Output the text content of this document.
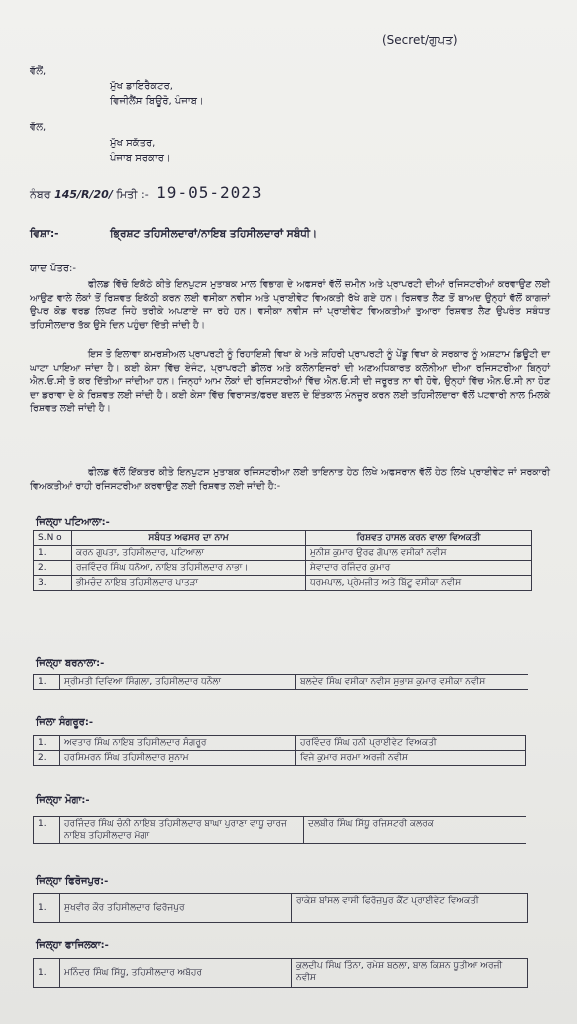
(Secret/ਗੁਪਤ)
ਵੱਲੋਂ,
ਮੁੱਖ ਡਾਇਰੈਕਟਰ,
ਵਿਜੀਲੈਂਸ ਬਿਊਰੋ, ਪੰਜਾਬ।
ਵੱਲ,
ਮੁੱਖ ਸਕੱਤਰ,
ਪੰਜਾਬ ਸਰਕਾਰ।
ਨੰਬਰ 145/R/20/ ਮਿਤੀ :- 19-05-2023
ਵਿਸ਼ਾ:-	ਭ੍ਰਿਸ਼ਟ ਤਹਿਸੀਲਦਾਰਾਂ/ਨਾਇਬ ਤਹਿਸੀਲਦਾਰਾਂ ਸਬੰਧੀ।
ਯਾਦ ਪੱਤਰ:-
ਫੀਲਡ ਵਿੱਚੋ ਇਕੱਠੇ ਕੀਤੇ ਇਨਪੁਟਸ ਮੁਤਾਬਕ ਮਾਲ ਵਿਭਾਗ ਦੇ ਅਫਸਰਾਂ ਵੱਲੋਂ ਜ਼ਮੀਨ ਅਤੇ ਪ੍ਰਾਪਰਟੀ ਦੀਆਂ ਰਜਿਸਟਰੀਆਂ ਕਰਵਾਉਣ ਲਈ ਆਉਣ ਵਾਲੇ ਲੋਕਾਂ ਤੋਂ ਰਿਸ਼ਵਤ ਇਕੱਠੀ ਕਰਨ ਲਈ ਵਸੀਕਾ ਨਵੀਸ ਅਤੇ ਪ੍ਰਾਈਵੇਟ ਵਿਅਕਤੀ ਰੱਖੇ ਗਏ ਹਨ। ਰਿਸ਼ਵਤ ਲੈਣ ਤੋਂ ਬਾਅਦ ਉਨ੍ਹਾਂ ਵੱਲੋਂ ਕਾਗਜ਼ਾਂ ਉਪਰ ਕੋਡ ਵਰਡ ਲਿਖਣ ਜਿਹੇ ਤਰੀਕੇ ਅਪਣਾਏ ਜਾ ਰਹੇ ਹਨ। ਵਸੀਕਾ ਨਵੀਸ ਜਾਂ ਪ੍ਰਾਈਵੇਟ ਵਿਅਕਤੀਆਂ ਤੁਆਰਾ ਰਿਸ਼ਵਤ ਲੈਣ ਉਪਰੰਤ ਸਬੰਧਤ ਤਹਿਸੀਲਦਾਰ ਤੱਕ ਉਸੇ ਦਿਨ ਪਹੁੰਚਾ ਦਿੱਤੀ ਜਾਂਦੀ ਹੈ।
ਇਸ ਤੋ ਇਲਾਵਾ ਕਮਰਸ਼ੀਅਲ ਪ੍ਰਾਪਰਟੀ ਨੂੰ ਰਿਹਾਇਸ਼ੀ ਵਿਖਾ ਕੇ ਅਤੇ ਸ਼ਹਿਰੀ ਪ੍ਰਾਪਰਟੀ ਨੂੰ ਪੇਂਡੂ ਵਿਖਾ ਕੇ ਸਰਕਾਰ ਨੂੰ ਅਸ਼ਟਾਮ ਡਿਊਟੀ ਦਾ ਘਾਟਾ ਪਾਇਆ ਜਾਂਦਾ ਹੈ। ਕਈ ਕੇਸਾ ਵਿੱਚ ਏਜੰਟ, ਪ੍ਰਾਪਰਟੀ ਡੀਲਰ ਅਤੇ ਕਲੋਨਾਇਜਰਾਂ ਦੀ ਅਣਅਧਿਕਾਰਤ ਕਲੋਨੀਆ ਦੀਆ ਰਜਿਸਟਰੀਆ ਬਿਨ੍ਹਾਂ ਐਨ.ਓ.ਸੀ ਤੋ ਕਰ ਦਿੱਤੀਆ ਜਾਂਦੀਆ ਹਨ। ਜਿਨ੍ਹਾਂ ਆਮ ਲੋਕਾਂ ਦੀ ਰਜਿਸਟਰੀਆਂ ਵਿੱਚ ਐਨ.ਓ.ਸੀ ਦੀ ਜਰੂਰਤ ਨਾ ਵੀ ਹੋਵੇ, ਉਨ੍ਹਾਂ ਵਿੱਚ ਐਨ.ਓ.ਸੀ ਨਾ ਹੋਣ ਦਾ ਡਰਾਵਾ ਦੇ ਕੇ ਰਿਸ਼ਵਤ ਲਈ ਜਾਂਦੀ ਹੈ। ਕਈ ਕੇਸਾ ਵਿੱਚ ਵਿਰਾਸਤ/ਫਰਦ ਬਦਲ ਦੇ ਇੰਤਕਾਲ ਮੰਨਜੂਰ ਕਰਨ ਲਈ ਤਹਿਸੀਲਦਾਰਾ ਵੱਲੋਂ ਪਟਵਾਰੀ ਨਾਲ ਮਿਲਕੇ ਰਿਸ਼ਵਤ ਲਈ ਜਾਂਦੀ ਹੈ।
ਫੀਲਡ ਵੱਲੋਂ ਇੱਕਤਰ ਕੀਤੇ ਇਨਪੁਟਸ ਮੁਤਾਬਕ ਰਜਿਸਟਰੀਆ ਲਈ ਤਾਇਨਾਤ ਹੇਠ ਲਿਖੇ ਅਫਸਰਾਨ ਵੱਲੋਂ ਹੇਠ ਲਿਖੇ ਪ੍ਰਾਈਵੇਟ ਜਾਂ ਸਰਕਾਰੀ ਵਿਅਕਤੀਆਂ ਰਾਹੀ ਰਜਿਸਟਰੀਆ ਕਰਵਾਉਣ ਲਈ ਰਿਸ਼ਵਤ ਲਈ ਜਾਂਦੀ ਹੈ:-
ਜਿਲ੍ਹਾ ਪਟਿਆਲਾ:-
S.N o	ਸਬੰਧਤ ਅਫਸਰ ਦਾ ਨਾਮ	ਰਿਸ਼ਵਤ ਹਾਸਲ ਕਰਨ ਵਾਲਾ ਵਿਅਕਤੀ
1.	ਕਰਨ ਗੁਪਤਾ, ਤਹਿਸੀਲਦਾਰ, ਪਟਿਆਲਾ	ਮੁਨੀਸ਼ ਕੁਮਾਰ ਉਰਫ ਗੋਪਾਲ ਵਸੀਕਾਂ ਨਵੀਸ
2.	ਰਜਵਿੰਦਰ ਸਿੰਘ ਧਨੋਆ, ਨਾਇਬ ਤਹਿਸੀਲਦਾਰ ਨਾਭਾ।	ਸੇਵਾਦਾਰ ਰਜਿੰਦਰ ਕੁਮਾਰ
3.	ਭੀਮਚੰਦ ਨਾਇਬ ਤਹਿਸੀਲਦਾਰ ਪਾਤੜਾ	ਧਰਮਪਾਲ, ਪ੍ਰੇਮਜੀਤ ਅਤੇ ਬਿੱਟੂ ਵਸੀਕਾ ਨਵੀਸ
ਜਿਲ੍ਹਾ ਬਰਨਾਲਾ:-
1.	ਸ੍ਰੀਮਤੀ ਦਿਵਿਆ ਸਿੰਗਲਾ, ਤਹਿਸੀਲਦਾਰ ਧਨੌਲਾ	ਬਲਦੇਵ ਸਿੰਘ ਵਸੀਕਾ ਨਵੀਸ ਸੁਭਾਸ਼ ਕੁਮਾਰ ਵਸੀਕਾ ਨਵੀਸ
ਜਿਲਾ ਸੰਗਰੂਰ:-
1.	ਅਵਤਾਰ ਸਿੰਘ ਨਾਇਬ ਤਹਿਸੀਲਦਾਰ ਸੰਗਰੂਰ	ਹਰਵਿੰਦਰ ਸਿੰਘ ਹਨੀ ਪ੍ਰਾਈਵੇਟ ਵਿਅਕਤੀ
2.	ਹਰਸਿਮਰਨ ਸਿੰਘ ਤਹਿਸੀਲਦਾਰ ਸੁਨਾਮ	ਵਿਜੇ ਕੁਮਾਰ ਸਰਮਾ ਅਰਜੀ ਨਵੀਸ
ਜਿਲ੍ਹਾ ਮੋਗਾ:-
1.	ਹਰਜਿੰਦਰ ਸਿੰਘ ਚੰਨੀ ਨਾਇਬ ਤਹਿਸੀਲਦਾਰ ਬਾਘਾ ਪੁਰਾਣਾ ਵਾਧੂ ਚਾਰਜ ਨਾਇਬ ਤਹਿਸੀਲਦਾਰ ਮੋਗਾ	ਦਲਬੀਰ ਸਿੰਘ ਸਿੱਧੂ ਰਜਿਸਟਰੀ ਕਲਰਕ
ਜਿਲ੍ਹਾ ਫਿਰੋਜਪੁਰ:-
1.	ਸੁਖਵੀਰ ਕੌਰ ਤਹਿਸੀਲਦਾਰ ਫਿਰੋਜਪੁਰ	ਰਾਕੇਸ਼ ਬਾਂਸਲ ਵਾਸੀ ਫਿਰੋਜ਼ਪੁਰ ਕੈਂਟ ਪ੍ਰਾਈਵੇਟ ਵਿਅਕਤੀ
ਜਿਲ੍ਹਾ ਫਾਜਿਲਕਾ:-
1.	ਮਨਿੰਦਰ ਸਿੰਘ ਸਿੱਧੂ, ਤਹਿਸੀਲਦਾਰ ਅਬੋਹਰ	ਕੁਲਦੀਪ ਸਿੰਘ ਤਿੰਨਾ, ਰਮੇਸ਼ ਬਠਲਾ, ਬਾਲ ਕਿਸ਼ਨ ਧੂਤੀਆ ਅਰਜੀ ਨਵੀਸ
